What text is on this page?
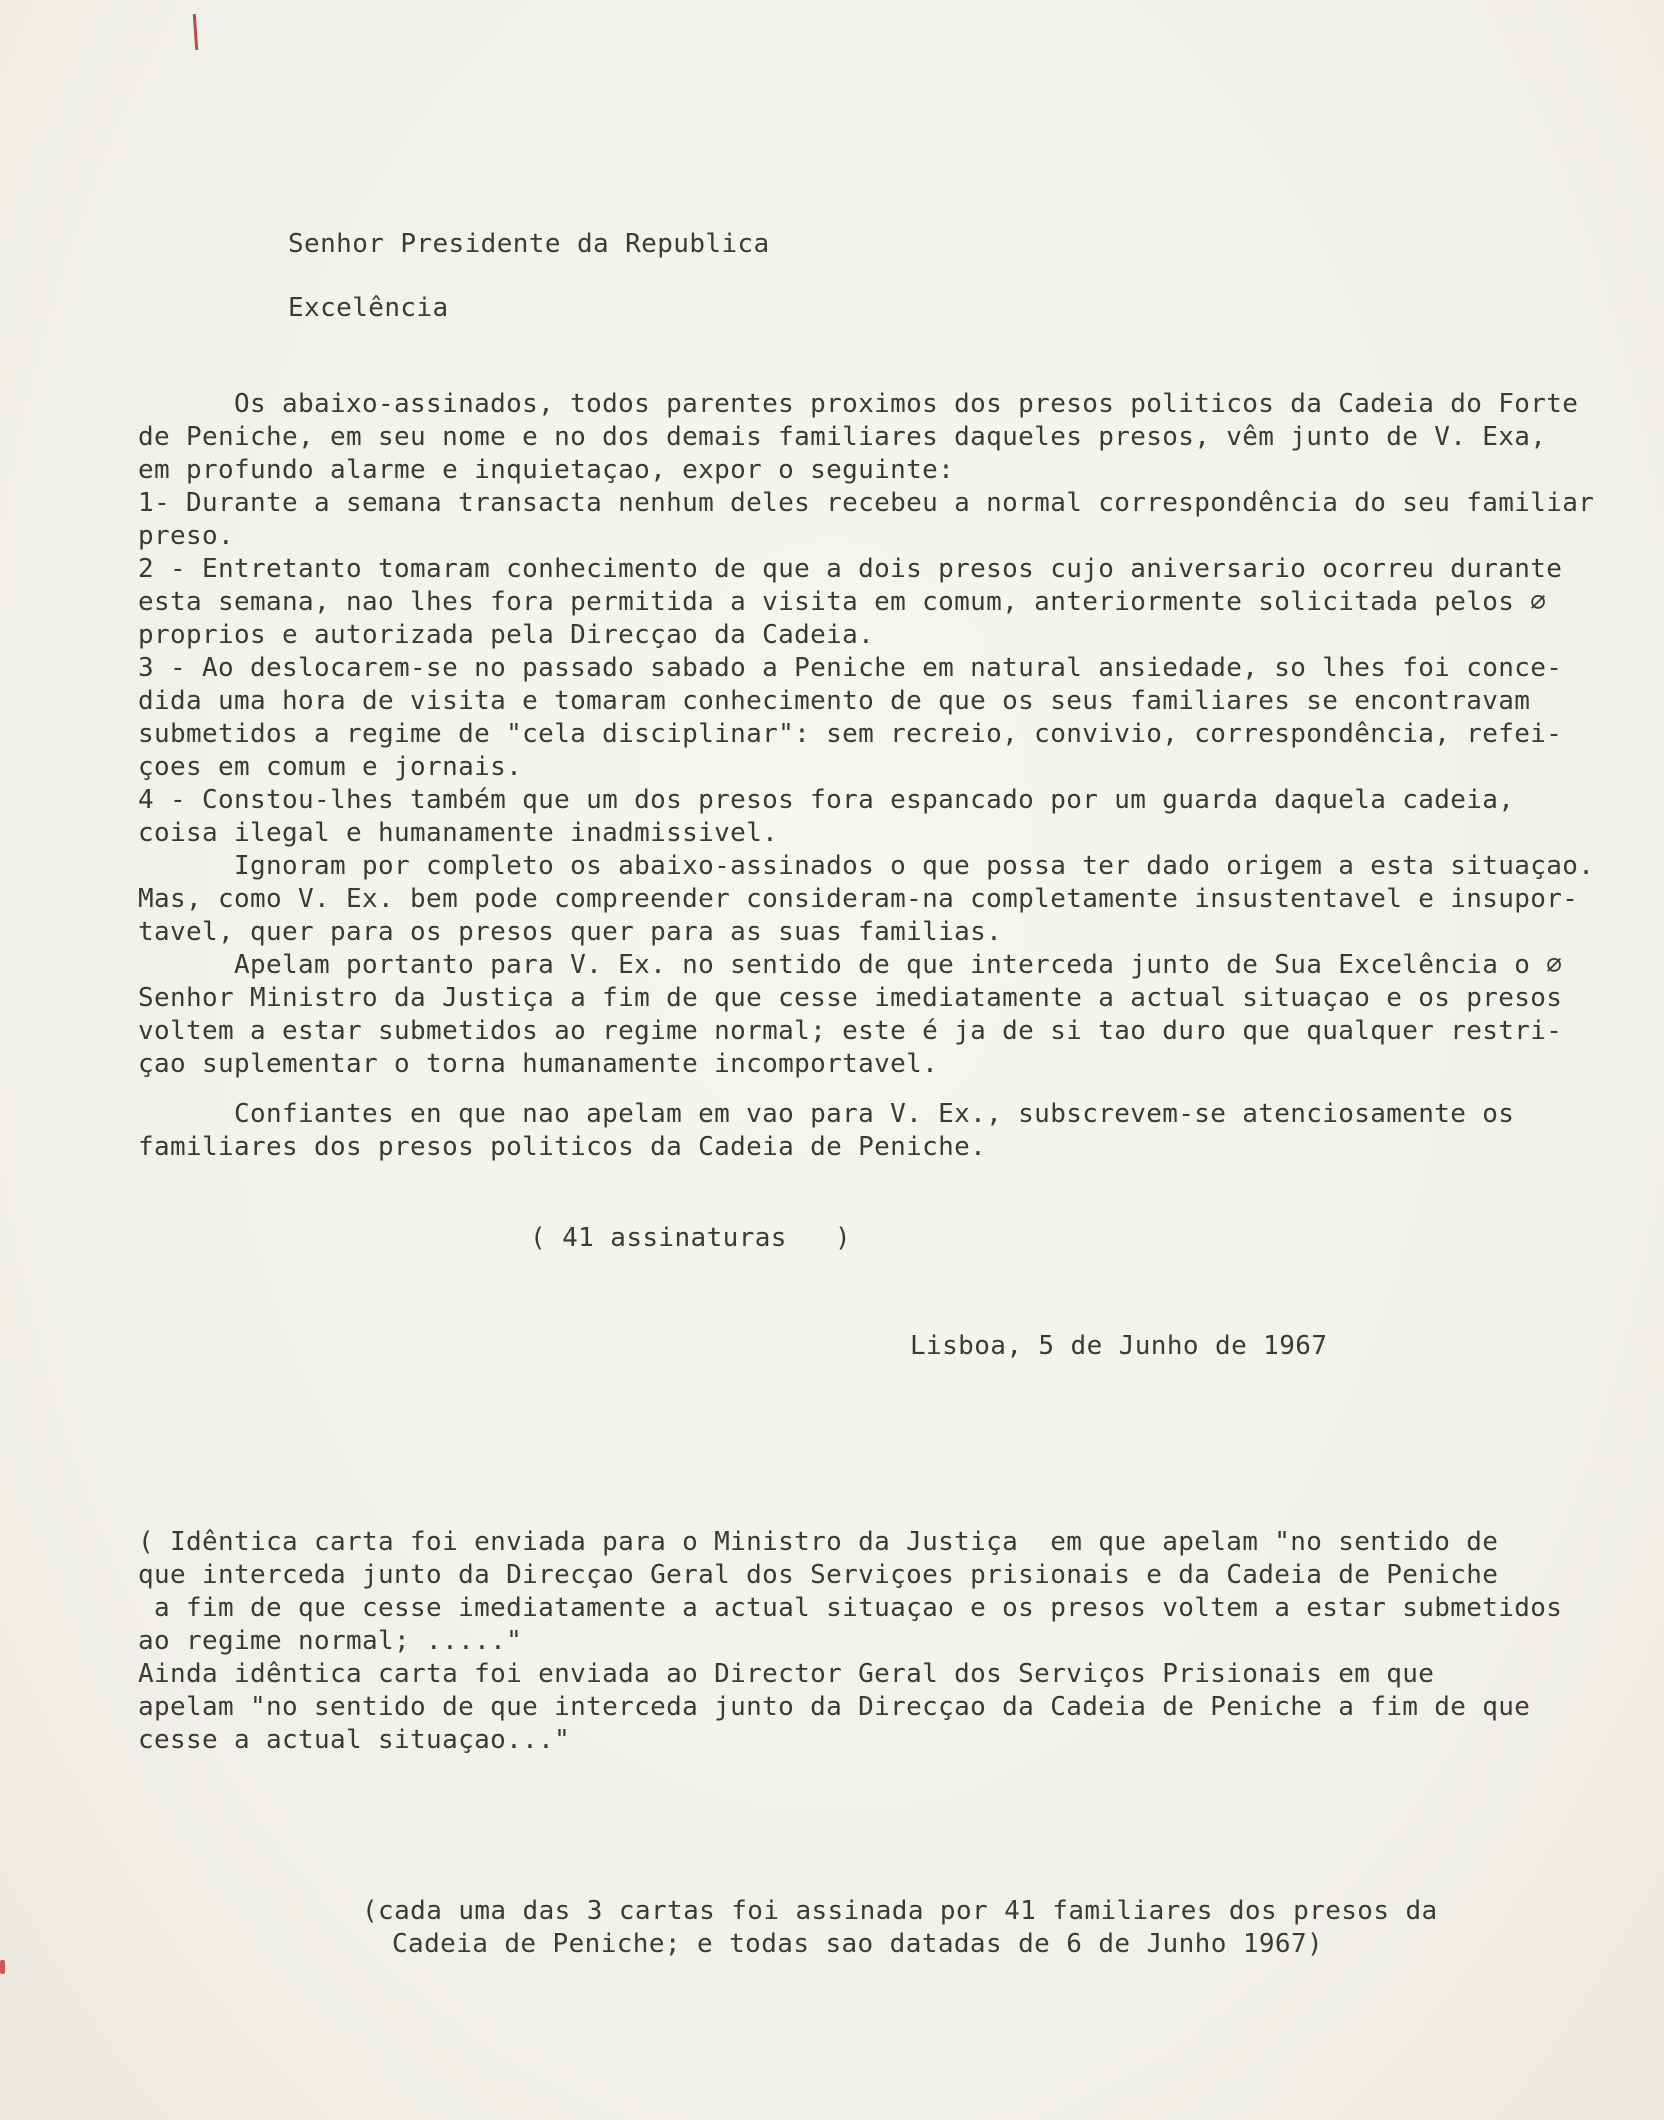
Senhor Presidente da Republica
Excelência
Os abaixo-assinados, todos parentes proximos dos presos politicos da Cadeia do Forte
de Peniche, em seu nome e no dos demais familiares daqueles presos, vêm junto de V. Exa,
em profundo alarme e inquietaçao, expor o seguinte:
1- Durante a semana transacta nenhum deles recebeu a normal correspondência do seu familiar
preso.
2 - Entretanto tomaram conhecimento de que a dois presos cujo aniversario ocorreu durante
esta semana, nao lhes fora permitida a visita em comum, anteriormente solicitada pelos ∅
proprios e autorizada pela Direcçao da Cadeia.
3 - Ao deslocarem-se no passado sabado a Peniche em natural ansiedade, so lhes foi conce-
dida uma hora de visita e tomaram conhecimento de que os seus familiares se encontravam
submetidos a regime de "cela disciplinar": sem recreio, convivio, correspondência, refei-
çoes em comum e jornais.
4 - Constou-lhes também que um dos presos fora espancado por um guarda daquela cadeia,
coisa ilegal e humanamente inadmissivel.
Ignoram por completo os abaixo-assinados o que possa ter dado origem a esta situaçao.
Mas, como V. Ex. bem pode compreender consideram-na completamente insustentavel e insupor-
tavel, quer para os presos quer para as suas familias.
Apelam portanto para V. Ex. no sentido de que interceda junto de Sua Excelência o ∅
Senhor Ministro da Justiça a fim de que cesse imediatamente a actual situaçao e os presos
voltem a estar submetidos ao regime normal; este é ja de si tao duro que qualquer restri-
çao suplementar o torna humanamente incomportavel.
Confiantes en que nao apelam em vao para V. Ex., subscrevem-se atenciosamente os
familiares dos presos politicos da Cadeia de Peniche.
( 41 assinaturas   )
Lisboa, 5 de Junho de 1967
( Idêntica carta foi enviada para o Ministro da Justiça  em que apelam "no sentido de
que interceda junto da Direcçao Geral dos Serviçoes prisionais e da Cadeia de Peniche
a fim de que cesse imediatamente a actual situaçao e os presos voltem a estar submetidos
ao regime normal; ....."
Ainda idêntica carta foi enviada ao Director Geral dos Serviços Prisionais em que
apelam "no sentido de que interceda junto da Direcçao da Cadeia de Peniche a fim de que
cesse a actual situaçao..."
(cada uma das 3 cartas foi assinada por 41 familiares dos presos da
Cadeia de Peniche; e todas sao datadas de 6 de Junho 1967)
